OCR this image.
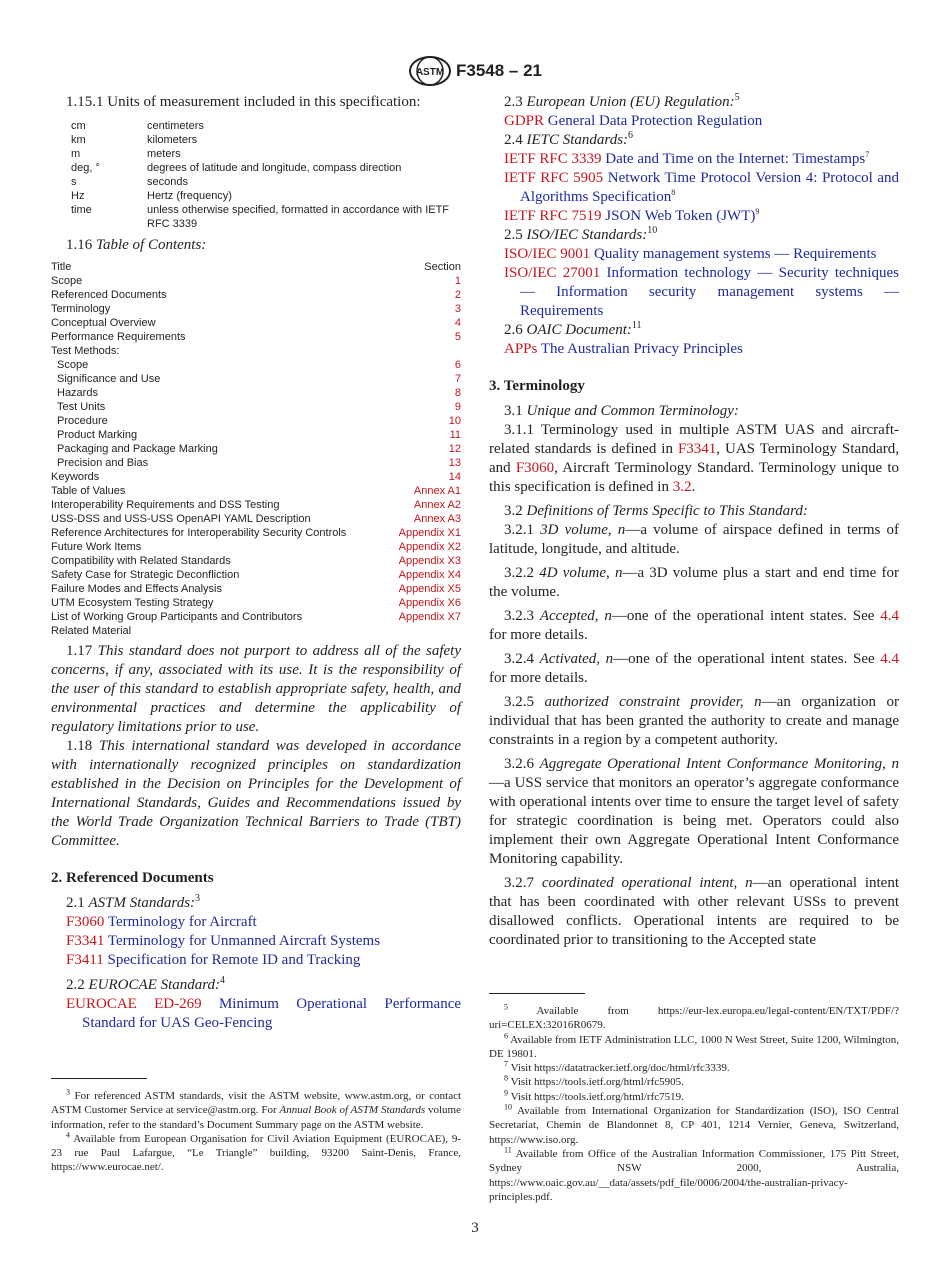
ASTM F3548 – 21

1.15.1 Units of measurement included in this specification:

cm	centimeters
km	kilometers
m	meters
deg, °	degrees of latitude and longitude, compass direction
s	seconds
Hz	Hertz (frequency)
time	unless otherwise specified, formatted in accordance with IETF RFC 3339

1.16 Table of Contents:

Title	Section
Scope	1
Referenced Documents	2
Terminology	3
Conceptual Overview	4
Performance Requirements	5
Test Methods:	
Scope	6
Significance and Use	7
Hazards	8
Test Units	9
Procedure	10
Product Marking	11
Packaging and Package Marking	12
Precision and Bias	13
Keywords	14
Table of Values	Annex A1
Interoperability Requirements and DSS Testing	Annex A2
USS-DSS and USS-USS OpenAPI YAML Description	Annex A3
Reference Architectures for Interoperability Security Controls	Appendix X1
Future Work Items	Appendix X2
Compatibility with Related Standards	Appendix X3
Safety Case for Strategic Deconfliction	Appendix X4
Failure Modes and Effects Analysis	Appendix X5
UTM Ecosystem Testing Strategy	Appendix X6
List of Working Group Participants and Contributors	Appendix X7
Related Material	

1.17 This standard does not purport to address all of the safety concerns, if any, associated with its use. It is the responsibility of the user of this standard to establish appropriate safety, health, and environmental practices and determine the applicability of regulatory limitations prior to use.

1.18 This international standard was developed in accordance with internationally recognized principles on standardization established in the Decision on Principles for the Development of International Standards, Guides and Recommendations issued by the World Trade Organization Technical Barriers to Trade (TBT) Committee.

2. Referenced Documents

2.1 ASTM Standards:$^3$

F3060 Terminology for Aircraft

F3341 Terminology for Unmanned Aircraft Systems

F3411 Specification for Remote ID and Tracking

2.2 EUROCAE Standard:$^4$

EUROCAE ED-269 Minimum Operational Performance Standard for UAS Geo-Fencing

$^3$ For referenced ASTM standards, visit the ASTM website, www.astm.org, or contact ASTM Customer Service at service@astm.org. For Annual Book of ASTM Standards volume information, refer to the standard’s Document Summary page on the ASTM website.

$^4$ Available from European Organisation for Civil Aviation Equipment (EUROCAE), 9-23 rue Paul Lafargue, “Le Triangle” building, 93200 Saint-Denis, France, https://www.eurocae.net/.

2.3 European Union (EU) Regulation:$^5$

GDPR General Data Protection Regulation

2.4 IETC Standards:$^6$

IETF RFC 3339 Date and Time on the Internet: Timestamps$^7$

IETF RFC 5905 Network Time Protocol Version 4: Protocol and Algorithms Specification$^8$

IETF RFC 7519 JSON Web Token (JWT)$^9$

2.5 ISO/IEC Standards:$^{10}$

ISO/IEC 9001 Quality management systems — Requirements

ISO/IEC 27001 Information technology — Security techniques — Information security management systems — Requirements

2.6 OAIC Document:$^{11}$

APPs The Australian Privacy Principles

3. Terminology

3.1 Unique and Common Terminology:

3.1.1 Terminology used in multiple ASTM UAS and aircraft-related standards is defined in F3341, UAS Terminology Standard, and F3060, Aircraft Terminology Standard. Terminology unique to this specification is defined in 3.2.

3.2 Definitions of Terms Specific to This Standard:

3.2.1 3D volume, n—a volume of airspace defined in terms of latitude, longitude, and altitude.

3.2.2 4D volume, n—a 3D volume plus a start and end time for the volume.

3.2.3 Accepted, n—one of the operational intent states. See 4.4 for more details.

3.2.4 Activated, n—one of the operational intent states. See 4.4 for more details.

3.2.5 authorized constraint provider, n—an organization or individual that has been granted the authority to create and manage constraints in a region by a competent authority.

3.2.6 Aggregate Operational Intent Conformance Monitoring, n—a USS service that monitors an operator’s aggregate conformance with operational intents over time to ensure the target level of safety for strategic coordination is being met. Operators could also implement their own Aggregate Operational Intent Conformance Monitoring capability.

3.2.7 coordinated operational intent, n—an operational intent that has been coordinated with other relevant USSs to prevent disallowed conflicts. Operational intents are required to be coordinated prior to transitioning to the Accepted state

$^5$	Available from https://eur-lex.europa.eu/legal-content/EN/TXT/PDF/?uri=CELEX:32016R0679.

$^6$ Available from IETF Administration LLC, 1000 N West Street, Suite 1200, Wilmington, DE 19801.

$^7$ Visit https://datatracker.ietf.org/doc/html/rfc3339.

$^8$ Visit https://tools.ietf.org/html/rfc5905.

$^9$ Visit https://tools.ietf.org/html/rfc7519.

$^{10}$ Available from International Organization for Standardization (ISO), ISO Central Secretariat, Chemin de Blandonnet 8, CP 401, 1214 Vernier, Geneva, Switzerland, https://www.iso.org.

$^{11}$ Available from Office of the Australian Information Commissioner, 175 Pitt Street, Sydney NSW 2000, Australia, https://www.oaic.gov.au/__data/assets/pdf_file/0006/2004/the-australian-privacy-principles.pdf.

3
